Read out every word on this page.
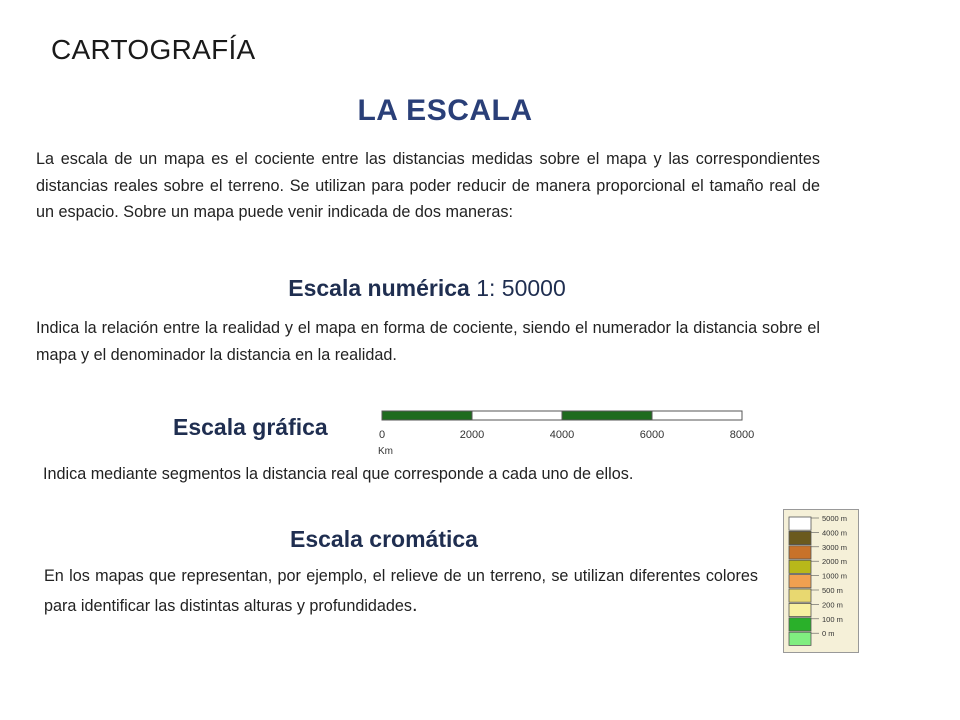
CARTOGRAFÍA
LA ESCALA
La escala de un mapa es el cociente entre las distancias medidas sobre el mapa y las correspondientes distancias reales sobre el terreno. Se utilizan para poder reducir de manera proporcional el tamaño real de un espacio. Sobre un mapa puede venir indicada de dos maneras:
Escala numérica 1: 50000
Indica la relación entre la realidad y el mapa en forma de cociente, siendo el numerador la distancia sobre el mapa y el denominador la distancia en la realidad.
Escala gráfica	0	2000	4000	6000	8000
Km
Indica mediante segmentos la distancia real que corresponde a cada uno de ellos.
Escala cromática
En los mapas que representan, por ejemplo, el relieve de un terreno, se utilizan diferentes colores para identificar las distintas alturas y profundidades.
5000 m
4000 m
3000 m
2000 m
1000 m
500 m
200 m
100 m
0 m
